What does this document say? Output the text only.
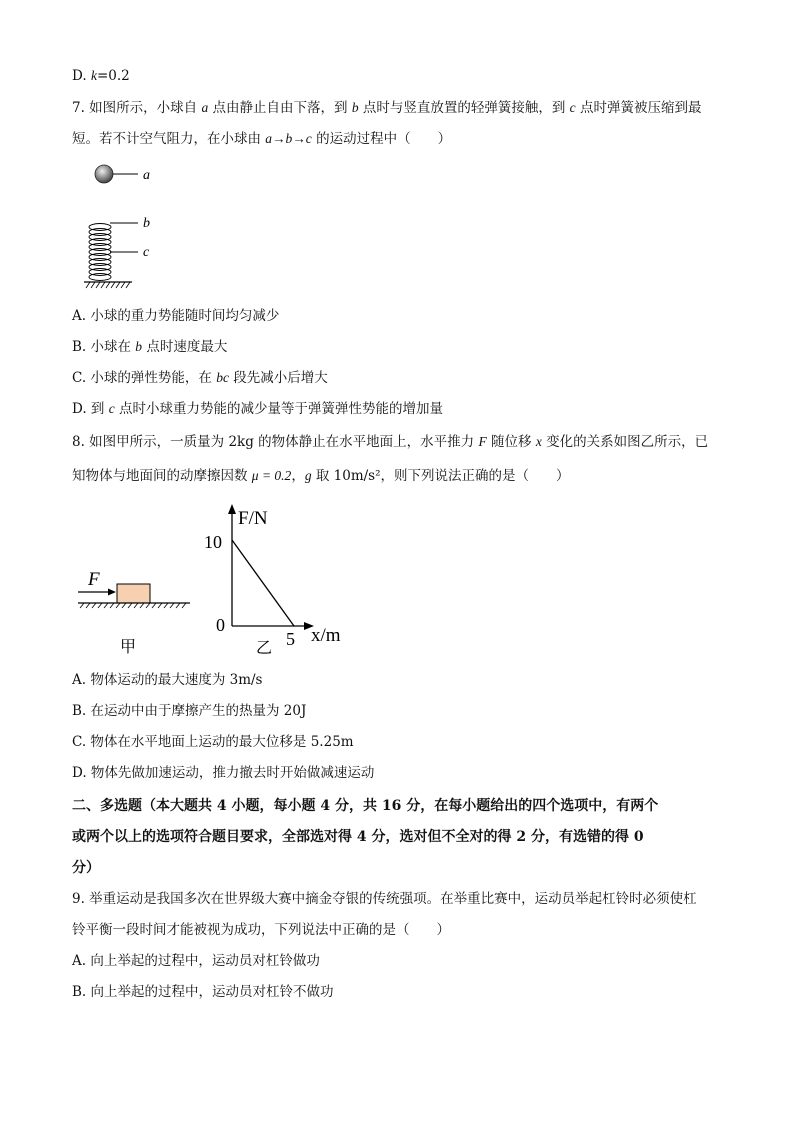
D. k=0.2
7. 如图所示，小球自 a 点由静止自由下落，到 b 点时与竖直放置的轻弹簧接触，到 c 点时弹簧被压缩到最
短。若不计空气阻力，在小球由 a→b→c 的运动过程中（　　）
a
b
c
A. 小球的重力势能随时间均匀减少
B. 小球在 b 点时速度最大
C. 小球的弹性势能，在 bc 段先减小后增大
D. 到 c 点时小球重力势能的减少量等于弹簧弹性势能的增加量
8. 如图甲所示，一质量为 2kg 的物体静止在水平地面上，水平推力 F 随位移 x 变化的关系如图乙所示，已
知物体与地面间的动摩擦因数 μ = 0.2，g 取 10m/s²，则下列说法正确的是（　　）
F
甲
F/N
x/m
0
10
5
乙
A. 物体运动的最大速度为 3m/s
B. 在运动中由于摩擦产生的热量为 20J
C. 物体在水平地面上运动的最大位移是 5.25m
D. 物体先做加速运动，推力撤去时开始做减速运动
二、多选题（本大题共 4 小题，每小题 4 分，共 16 分，在每小题给出的四个选项中，有两个
或两个以上的选项符合题目要求，全部选对得 4 分，选对但不全对的得 2 分，有选错的得 0
分）
9. 举重运动是我国多次在世界级大赛中摘金夺银的传统强项。在举重比赛中，运动员举起杠铃时必须使杠
铃平衡一段时间才能被视为成功，下列说法中正确的是（　　）
A. 向上举起的过程中，运动员对杠铃做功
B. 向上举起的过程中，运动员对杠铃不做功
